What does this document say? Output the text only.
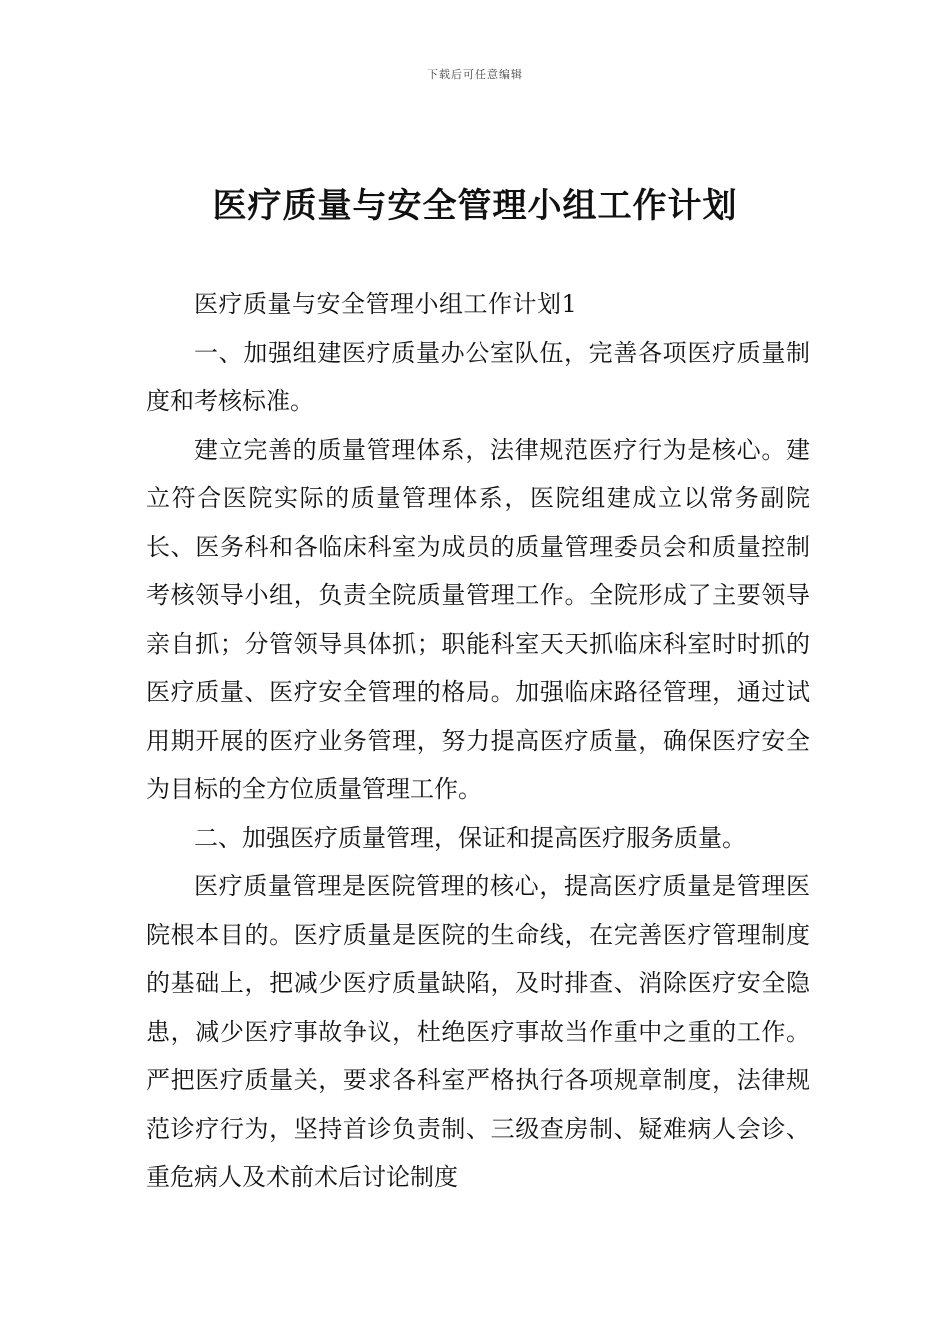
下载后可任意编辑
医疗质量与安全管理小组工作计划

医疗质量与安全管理小组工作计划1

一、加强组建医疗质量办公室队伍，完善各项医疗质量制度和考核标准。

建立完善的质量管理体系，法律规范医疗行为是核心。建立符合医院实际的质量管理体系，医院组建成立以常务副院长、医务科和各临床科室为成员的质量管理委员会和质量控制考核领导小组，负责全院质量管理工作。全院形成了主要领导亲自抓；分管领导具体抓；职能科室天天抓临床科室时时抓的医疗质量、医疗安全管理的格局。加强临床路径管理，通过试用期开展的医疗业务管理，努力提高医疗质量，确保医疗安全为目标的全方位质量管理工作。

二、加强医疗质量管理，保证和提高医疗服务质量。

医疗质量管理是医院管理的核心，提高医疗质量是管理医院根本目的。医疗质量是医院的生命线，在完善医疗管理制度的基础上，把减少医疗质量缺陷，及时排查、消除医疗安全隐患，减少医疗事故争议，杜绝医疗事故当作重中之重的工作。严把医疗质量关，要求各科室严格执行各项规章制度，法律规范诊疗行为，坚持首诊负责制、三级查房制、疑难病人会诊、重危病人及术前术后讨论制度
